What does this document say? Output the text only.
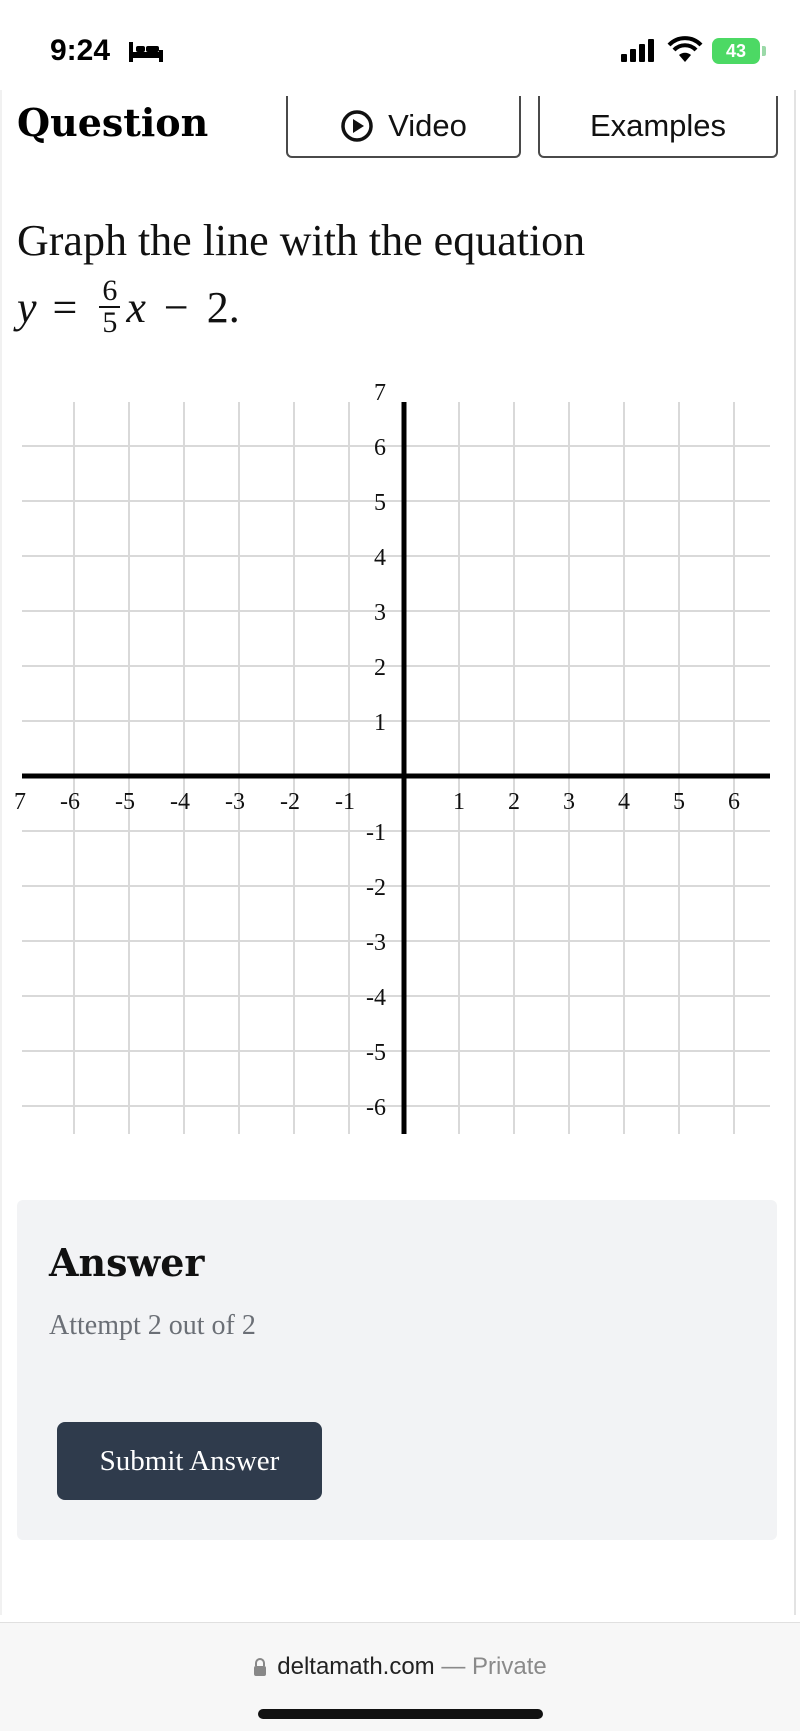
9:24	43
Question	Video	Examples
Graph the line with the equation
$y = \frac{6}{5}$ x − 2 .
7 -6 -5 -4 -3 -2 -1	1 2 3 4 5 6
7
6
5
4
3
2
1
-1
-2
-3
-4
-5
-6
Answer
Attempt 2 out of 2
Submit Answer
deltamath.com — Private
